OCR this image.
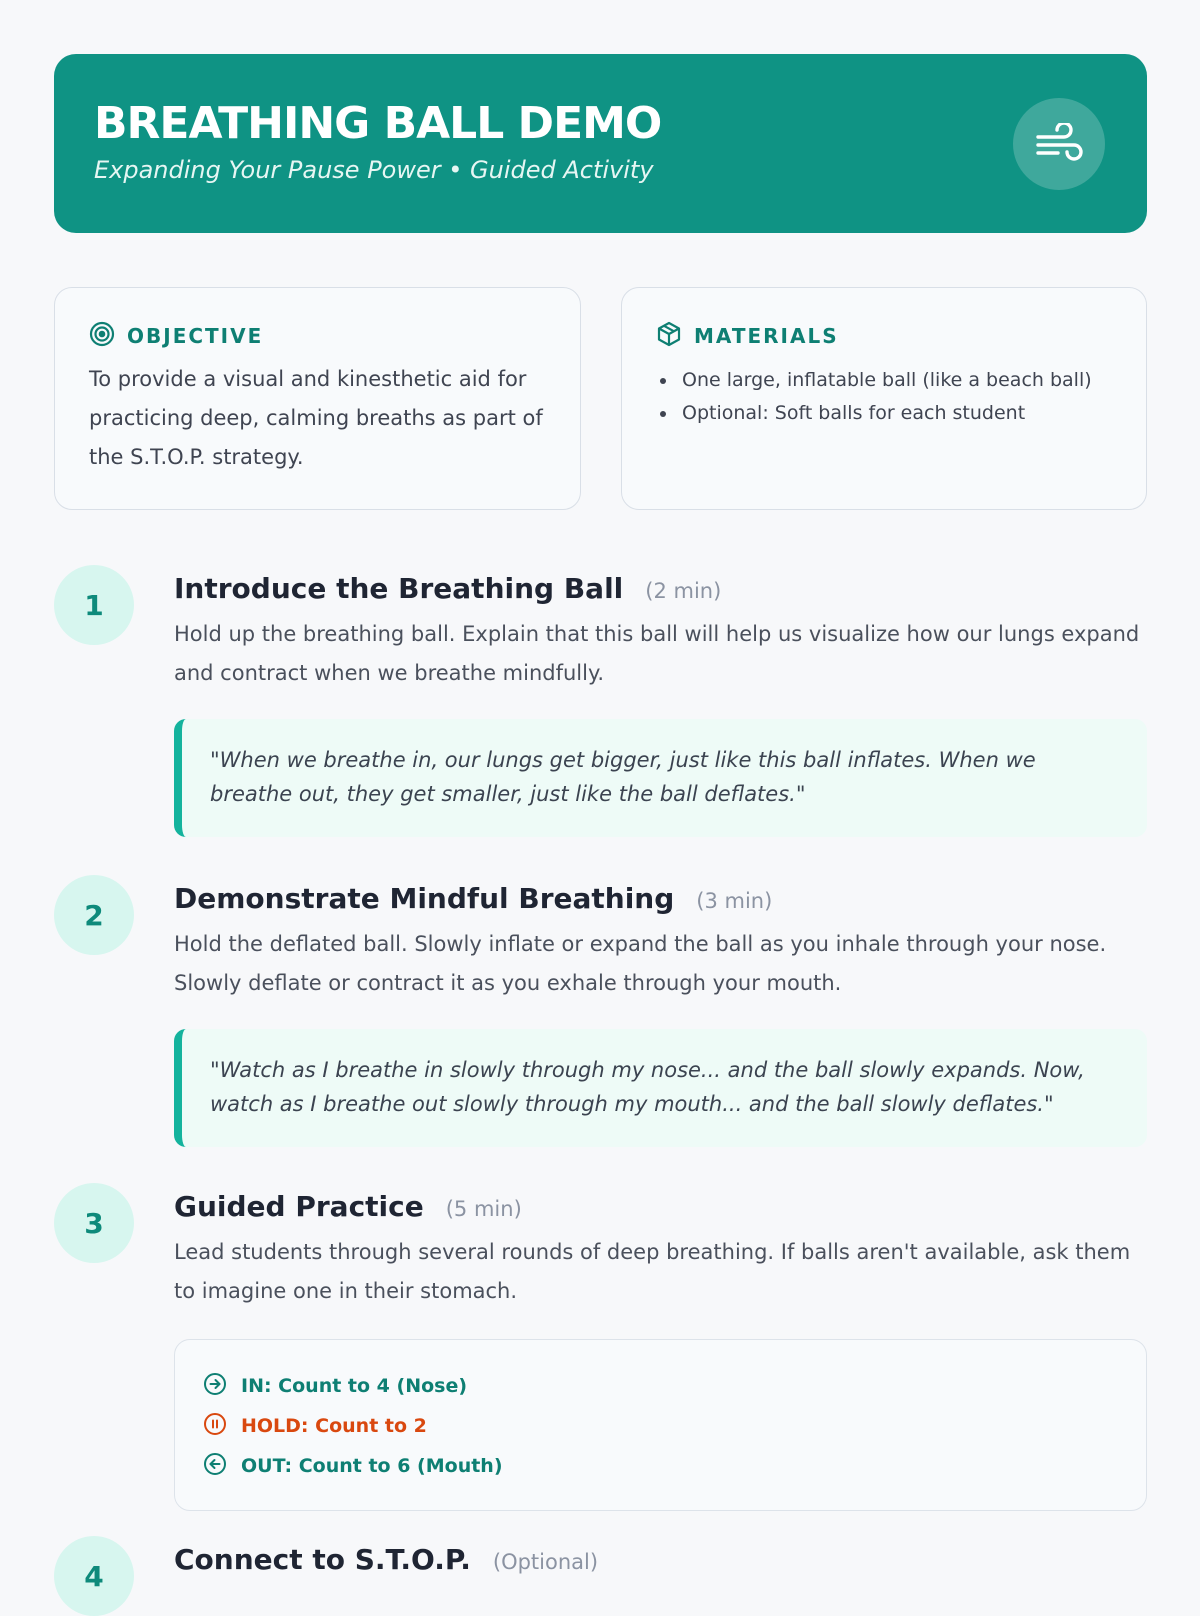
BREATHING BALL DEMO
Expanding Your Pause Power • Guided Activity
OBJECTIVE
To provide a visual and kinesthetic aid for practicing deep, calming breaths as part of the S.T.O.P. strategy.
MATERIALS
One large, inflatable ball (like a beach ball)
Optional: Soft balls for each student
1	Introduce the Breathing Ball (2 min)
Hold up the breathing ball. Explain that this ball will help us visualize how our lungs expand and contract when we breathe mindfully.
"When we breathe in, our lungs get bigger, just like this ball inflates. When we breathe out, they get smaller, just like the ball deflates."
2	Demonstrate Mindful Breathing (3 min)
Hold the deflated ball. Slowly inflate or expand the ball as you inhale through your nose. Slowly deflate or contract it as you exhale through your mouth.
"Watch as I breathe in slowly through my nose... and the ball slowly expands. Now, watch as I breathe out slowly through my mouth... and the ball slowly deflates."
3	Guided Practice (5 min)
Lead students through several rounds of deep breathing. If balls aren't available, ask them to imagine one in their stomach.
IN: Count to 4 (Nose)
HOLD: Count to 2
OUT: Count to 6 (Mouth)
4	Connect to S.T.O.P. (Optional)
